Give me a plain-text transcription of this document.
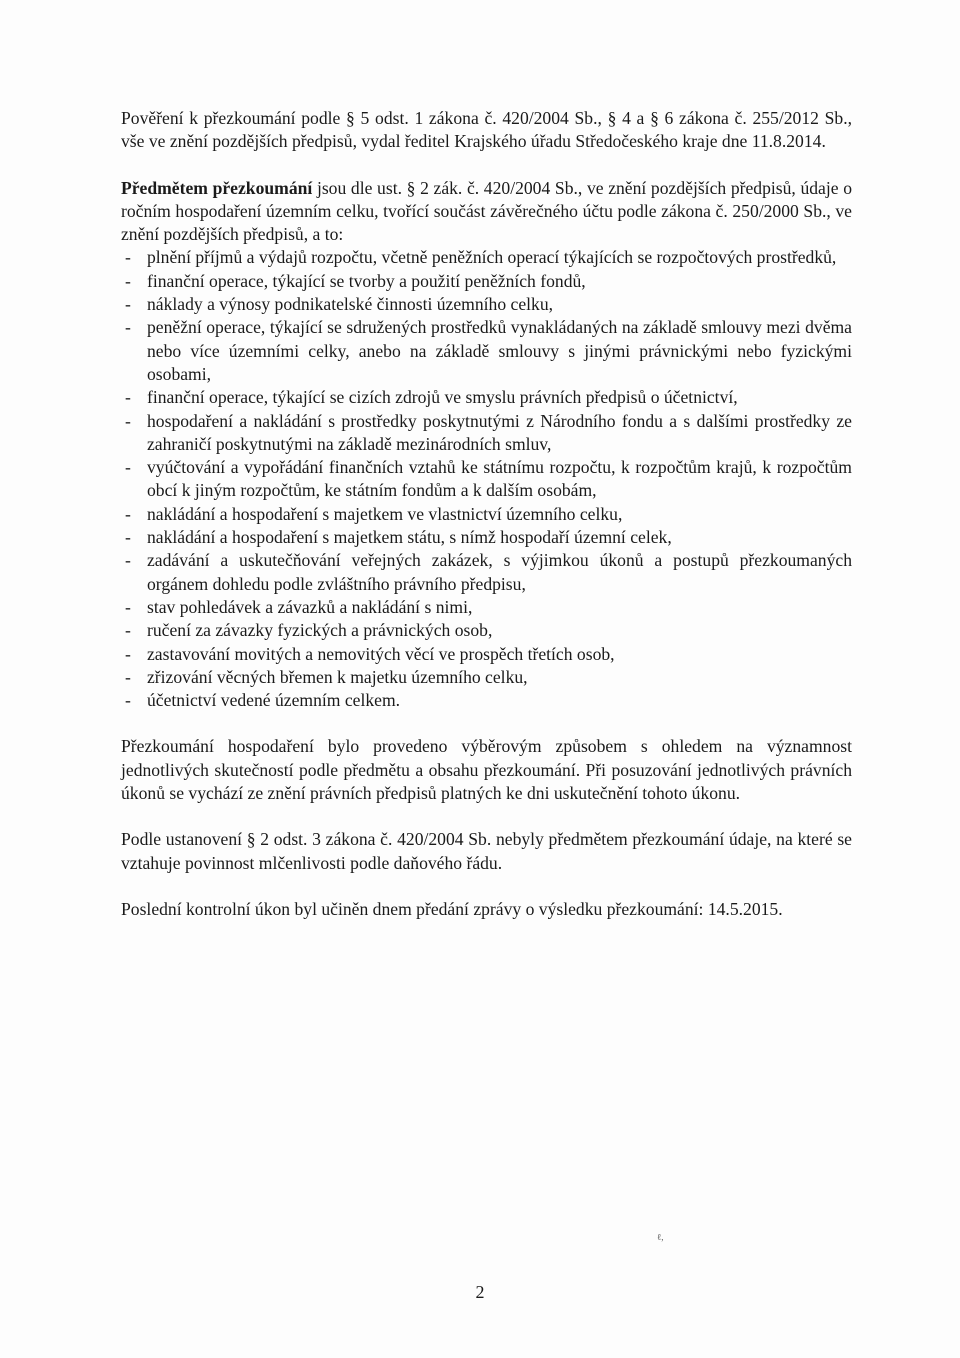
Pověření k přezkoumání podle § 5 odst. 1 zákona č. 420/2004 Sb., § 4 a § 6 zákona č. 255/2012 Sb., vše ve znění pozdějších předpisů, vydal ředitel Krajského úřadu Středočeského kraje dne 11.8.2014.

Předmětem přezkoumání jsou dle ust. § 2 zák. č. 420/2004 Sb., ve znění pozdějších předpisů, údaje o ročním hospodaření územním celku, tvořící součást závěrečného účtu podle zákona č. 250/2000 Sb., ve znění pozdějších předpisů, a to:

- plnění příjmů a výdajů rozpočtu, včetně peněžních operací týkajících se rozpočtových prostředků,
- finanční operace, týkající se tvorby a použití peněžních fondů,
- náklady a výnosy podnikatelské činnosti územního celku,
- peněžní operace, týkající se sdružených prostředků vynakládaných na základě smlouvy mezi dvěma nebo více územními celky, anebo na základě smlouvy s jinými právnickými nebo fyzickými osobami,
- finanční operace, týkající se cizích zdrojů ve smyslu právních předpisů o účetnictví,
- hospodaření a nakládání s prostředky poskytnutými z Národního fondu a s dalšími prostředky ze zahraničí poskytnutými na základě mezinárodních smluv,
- vyúčtování a vypořádání finančních vztahů ke státnímu rozpočtu, k rozpočtům krajů, k rozpočtům obcí k jiným rozpočtům, ke státním fondům a k dalším osobám,
- nakládání a hospodaření s majetkem ve vlastnictví územního celku,
- nakládání a hospodaření s majetkem státu, s nímž hospodaří územní celek,
- zadávání a uskutečňování veřejných zakázek, s výjimkou úkonů a postupů přezkoumaných orgánem dohledu podle zvláštního právního předpisu,
- stav pohledávek a závazků a nakládání s nimi,
- ručení za závazky fyzických a právnických osob,
- zastavování movitých a nemovitých věcí ve prospěch třetích osob,
- zřizování věcných břemen k majetku územního celku,
- účetnictví vedené územním celkem.

Přezkoumání hospodaření bylo provedeno výběrovým způsobem s ohledem na významnost jednotlivých skutečností podle předmětu a obsahu přezkoumání. Při posuzování jednotlivých právních úkonů se vychází ze znění právních předpisů platných ke dni uskutečnění tohoto úkonu.

Podle ustanovení § 2 odst. 3 zákona č. 420/2004 Sb. nebyly předmětem přezkoumání údaje, na které se vztahuje povinnost mlčenlivosti podle daňového řádu.

Poslední kontrolní úkon byl učiněn dnem předání zprávy o výsledku přezkoumání: 14.5.2015.

ℓ,
2
